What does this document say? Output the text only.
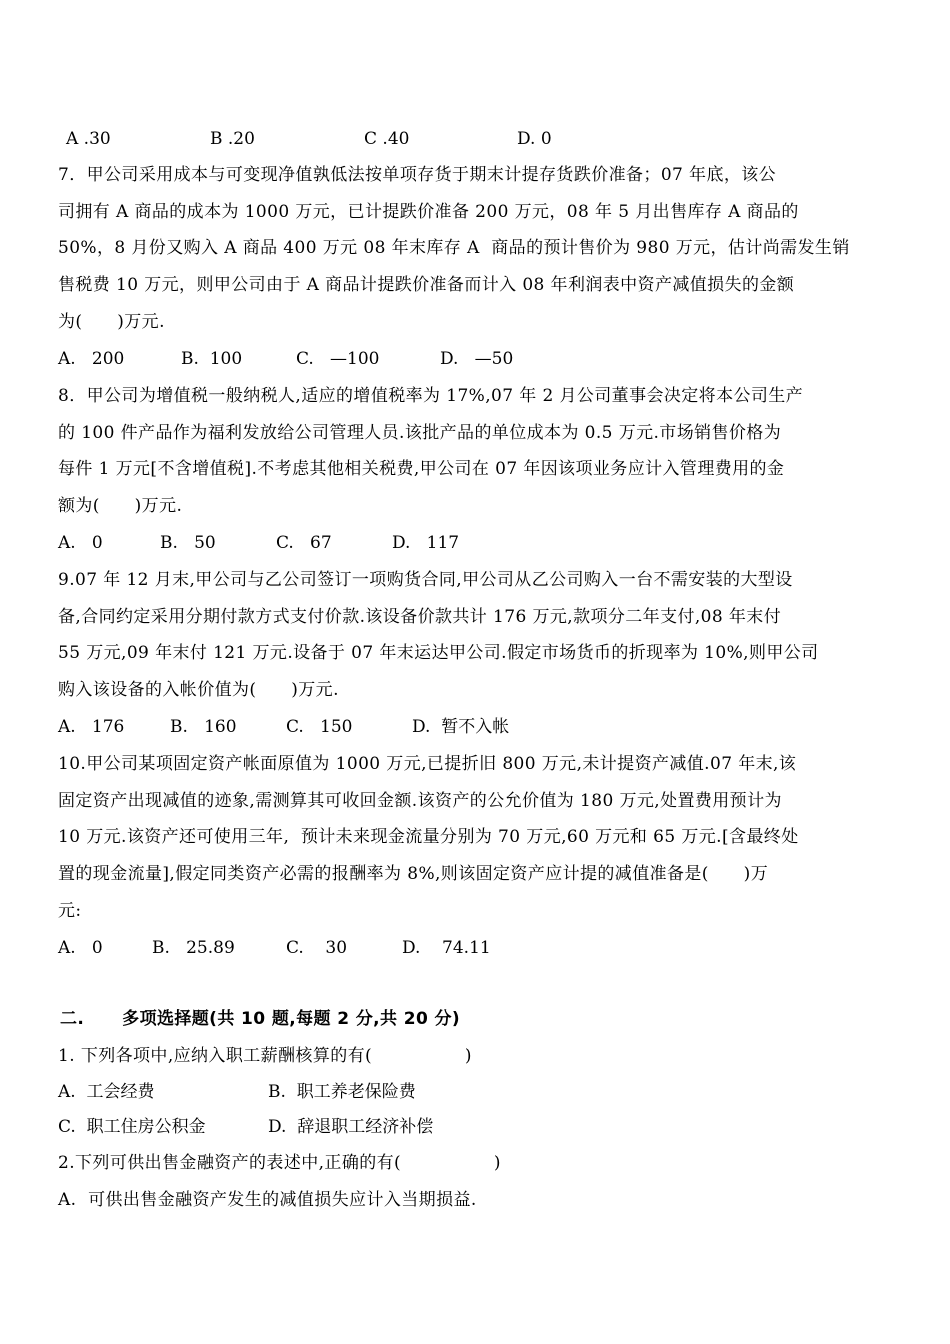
A .30	B .20	C .40	D. 0
7．甲公司采用成本与可变现净值孰低法按单项存货于期末计提存货跌价准备；07 年底，该公
司拥有 A 商品的成本为 1000 万元，已计提跌价准备 200 万元，08 年 5 月出售库存 A 商品的
50%，8 月份又购入 A 商品 400 万元 08 年末库存 A  商品的预计售价为 980 万元，估计尚需发生销
售税费 10 万元，则甲公司由于 A 商品计提跌价准备而计入 08 年利润表中资产减值损失的金额
为(      )万元.
A.   200	B.  100	C.   —100	D.   —50
8．甲公司为增值税一般纳税人,适应的增值税率为 17%,07 年 2 月公司董事会决定将本公司生产
的 100 件产品作为福利发放给公司管理人员.该批产品的单位成本为 0.5 万元.市场销售价格为
每件 1 万元[不含增值税].不考虑其他相关税费,甲公司在 07 年因该项业务应计入管理费用的金
额为(      )万元.
A.   0	B.   50	C.   67	D.   117
9.07 年 12 月末,甲公司与乙公司签订一项购货合同,甲公司从乙公司购入一台不需安装的大型设
备,合同约定采用分期付款方式支付价款.该设备价款共计 176 万元,款项分二年支付,08 年末付
55 万元,09 年末付 121 万元.设备于 07 年末运达甲公司.假定市场货币的折现率为 10%,则甲公司
购入该设备的入帐价值为(      )万元.
A.   176	B.   160	C.   150	D.  暂不入帐
10.甲公司某项固定资产帐面原值为 1000 万元,已提折旧 800 万元,未计提资产减值.07 年末,该
固定资产出现减值的迹象,需测算其可收回金额.该资产的公允价值为 180 万元,处置费用预计为
10 万元.该资产还可使用三年,  预计未来现金流量分别为 70 万元,60 万元和 65 万元.[含最终处
置的现金流量],假定同类资产必需的报酬率为 8%,则该固定资产应计提的减值准备是(      )万
元:
A.   0	B.   25.89	C.    30	D.    74.11
二.      多项选择题(共 10 题,每题 2 分,共 20 分)
1. 下列各项中,应纳入职工薪酬核算的有(                )
A.  工会经费	B.  职工养老保险费
C.  职工住房公积金	D.  辞退职工经济补偿
2.下列可供出售金融资产的表述中,正确的有(                )
A.  可供出售金融资产发生的减值损失应计入当期损益.
